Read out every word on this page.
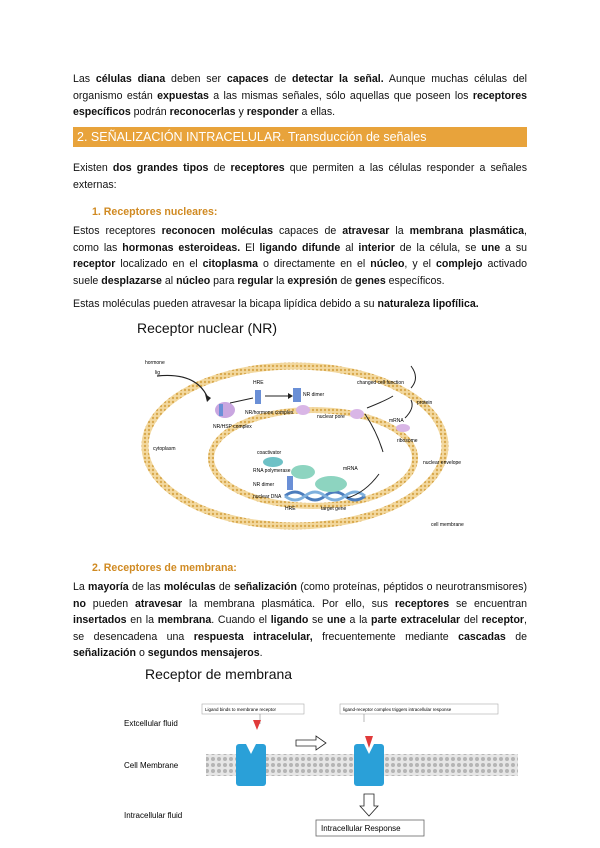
Las células diana deben ser capaces de detectar la señal. Aunque muchas células del organismo están expuestas a las mismas señales, sólo aquellas que poseen los receptores específicos podrán reconocerlas y responder a ellas.

2. SEÑALIZACIÓN INTRACELULAR. Transducción de señales

Existen dos grandes tipos de receptores que permiten a las células responder a señales externas:

1. Receptores nucleares:

Estos receptores reconocen moléculas capaces de atravesar la membrana plasmática, como las hormonas esteroideas. El ligando difunde al interior de la célula, se une a su receptor localizado en el citoplasma o directamente en el núcleo, y el complejo activado suele desplazarse al núcleo para regular la expresión de genes específicos.

Estas moléculas pueden atravesar la bicapa lipídica debido a su naturaleza lipofílica.

Receptor nuclear (NR)
hormone
lig
NR/HSP complex
HRE
NR/hormone complex
NR dimer
nuclear pore
changed cell function
protein
mRNA
ribosome
cytoplasm
coactivator
RNA polymerase
NR dimer
nuclear DNA
mRNA
nuclear envelope
HRE	target gene
cell membrane
2. Receptores de membrana:

La mayoría de las moléculas de señalización (como proteínas, péptidos o neurotransmisores) no pueden atravesar la membrana plasmática. Por ello, sus receptores se encuentran insertados en la membrana. Cuando el ligando se une a la parte extracelular del receptor, se desencadena una respuesta intracelular, frecuentemente mediante cascadas de señalización o segundos mensajeros.

Receptor de membrana
Extcellular fluid
Cell Membrane
Intracellular fluid
Ligand binds to membrane receptor	ligand-receptor complex triggers intracellular response
Intracellular Response
